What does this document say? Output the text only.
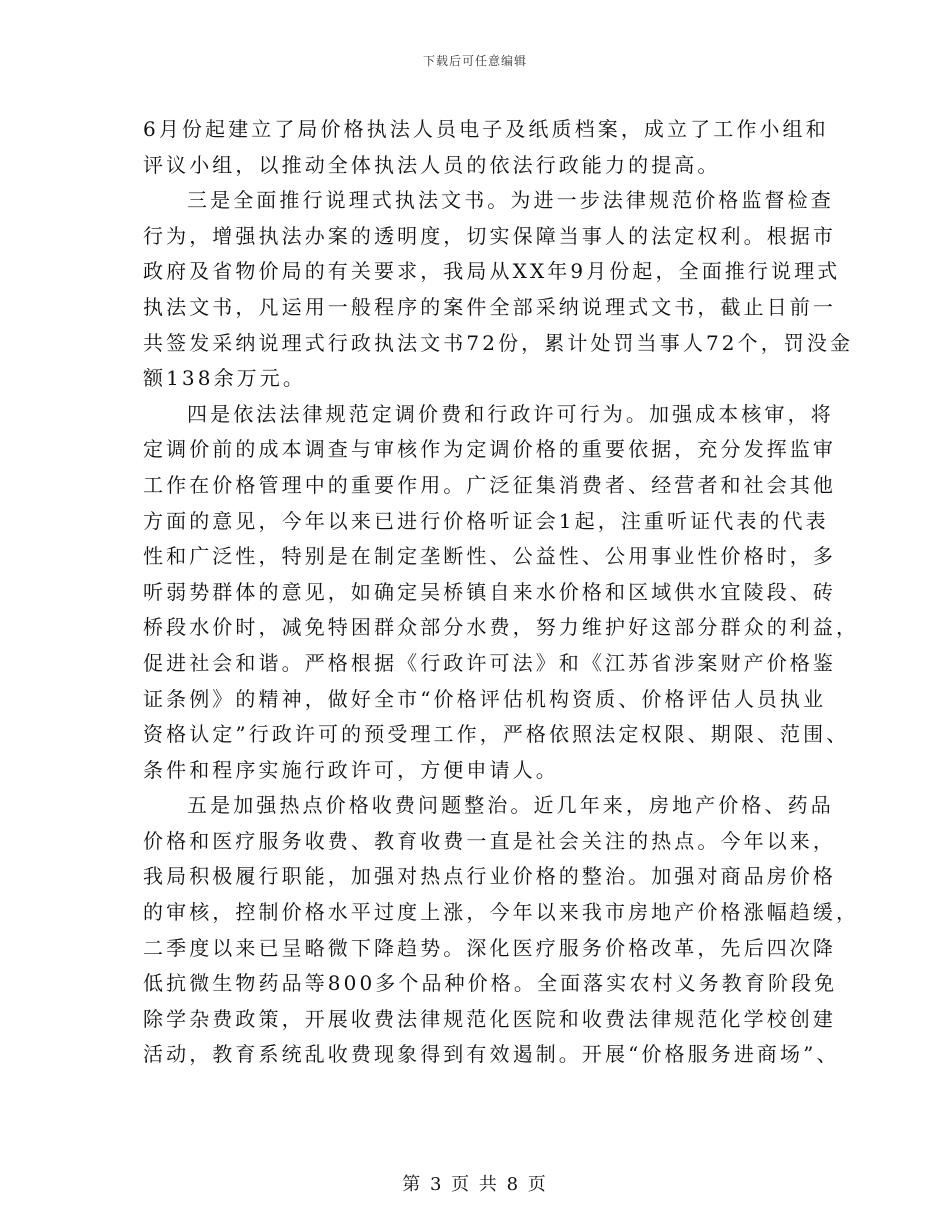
下载后可任意编辑
6月份起建立了局价格执法人员电子及纸质档案，成立了工作小组和
评议小组，以推动全体执法人员的依法行政能力的提高。
三是全面推行说理式执法文书。为进一步法律规范价格监督检查
行为，增强执法办案的透明度，切实保障当事人的法定权利。根据市
政府及省物价局的有关要求，我局从XX年9月份起，全面推行说理式
执法文书，凡运用一般程序的案件全部采纳说理式文书，截止日前一
共签发采纳说理式行政执法文书72份，累计处罚当事人72个，罚没金
额138余万元。
四是依法法律规范定调价费和行政许可行为。加强成本核审，将
定调价前的成本调查与审核作为定调价格的重要依据，充分发挥监审
工作在价格管理中的重要作用。广泛征集消费者、经营者和社会其他
方面的意见，今年以来已进行价格听证会1起，注重听证代表的代表
性和广泛性，特别是在制定垄断性、公益性、公用事业性价格时，多
听弱势群体的意见，如确定吴桥镇自来水价格和区域供水宜陵段、砖
桥段水价时，减免特困群众部分水费，努力维护好这部分群众的利益，
促进社会和谐。严格根据《行政许可法》和《江苏省涉案财产价格鉴
证条例》的精神，做好全市“价格评估机构资质、价格评估人员执业
资格认定”行政许可的预受理工作，严格依照法定权限、期限、范围、
条件和程序实施行政许可，方便申请人。
五是加强热点价格收费问题整治。近几年来，房地产价格、药品
价格和医疗服务收费、教育收费一直是社会关注的热点。今年以来，
我局积极履行职能，加强对热点行业价格的整治。加强对商品房价格
的审核，控制价格水平过度上涨，今年以来我市房地产价格涨幅趋缓，
二季度以来已呈略微下降趋势。深化医疗服务价格改革，先后四次降
低抗微生物药品等800多个品种价格。全面落实农村义务教育阶段免
除学杂费政策，开展收费法律规范化医院和收费法律规范化学校创建
活动，教育系统乱收费现象得到有效遏制。开展“价格服务进商场”、
第 3 页 共 8 页
